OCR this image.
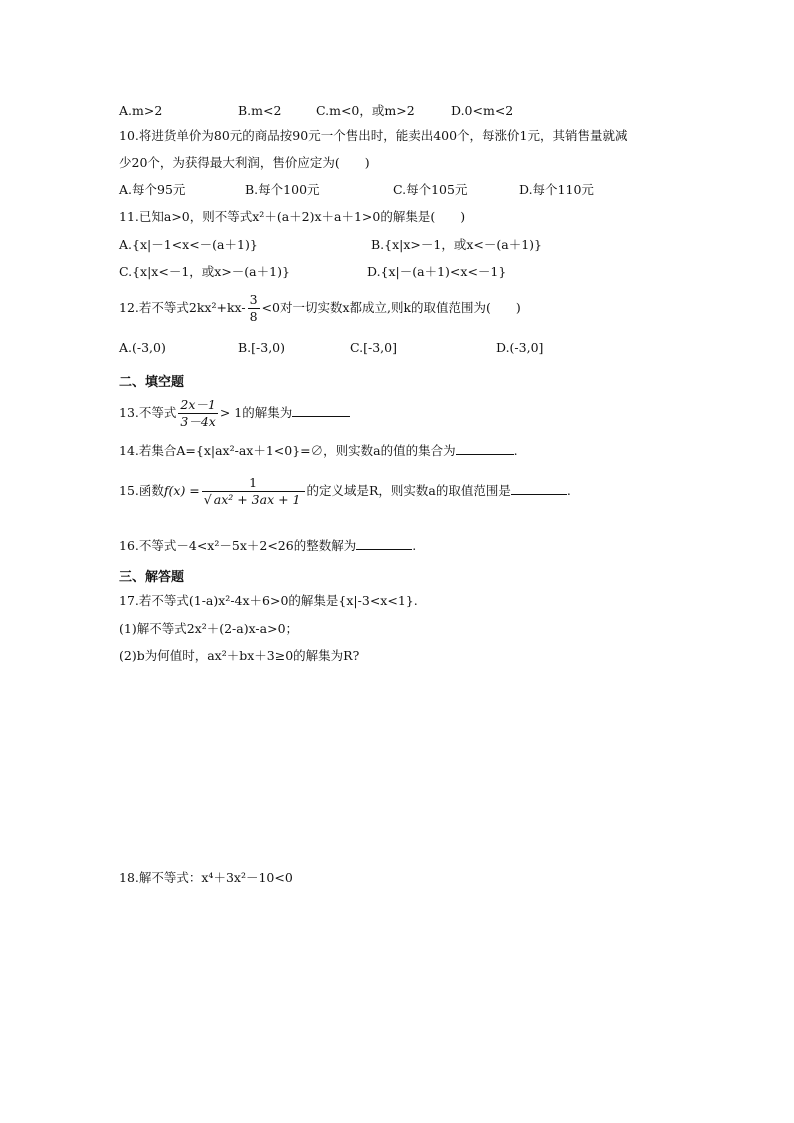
A.m>2	B.m<2	C.m<0，或m>2	D.0<m<2
10.将进货单价为80元的商品按90元一个售出时，能卖出400个，每涨价1元，其销售量就减
少20个，为获得最大利润，售价应定为(　　)
A.每个95元	B.每个100元	C.每个105元	D.每个110元
11.已知a>0，则不等式x²＋(a＋2)x＋a＋1>0的解集是(　　)
A.{x|－1<x<－(a＋1)}	B.{x|x>－1，或x<－(a＋1)}
C.{x|x<－1，或x>－(a＋1)}	D.{x|－(a＋1)<x<－1}
12.若不等式$2kx^2+kx- \frac{3}{8} <0$对一切实数x都成立,则k的取值范围为(　　)
A.(-3,0)	B.[-3,0)	C.[-3,0]	D.(-3,0]
二、填空题
13.不等式 $\frac{2x-1}{3-4x} > 1$的解集为
14.若集合A={x|ax²-ax＋1<0}=∅，则实数a的值的集合为	.
15.函数$f(x) = \frac{1}{\text{√ ax² + 3ax + 1}}$ 的定义域是R，则实数a的取值范围是	.
16.不等式－4<x²－5x＋2<26的整数解为	.
三、解答题
17.若不等式(1-a)x²-4x＋6>0的解集是{x|-3<x<1}.
(1)解不等式2x²＋(2-a)x-a>0；
(2)b为何值时，ax²＋bx＋3≥0的解集为R?
18.解不等式：x⁴＋3x²－10<0
